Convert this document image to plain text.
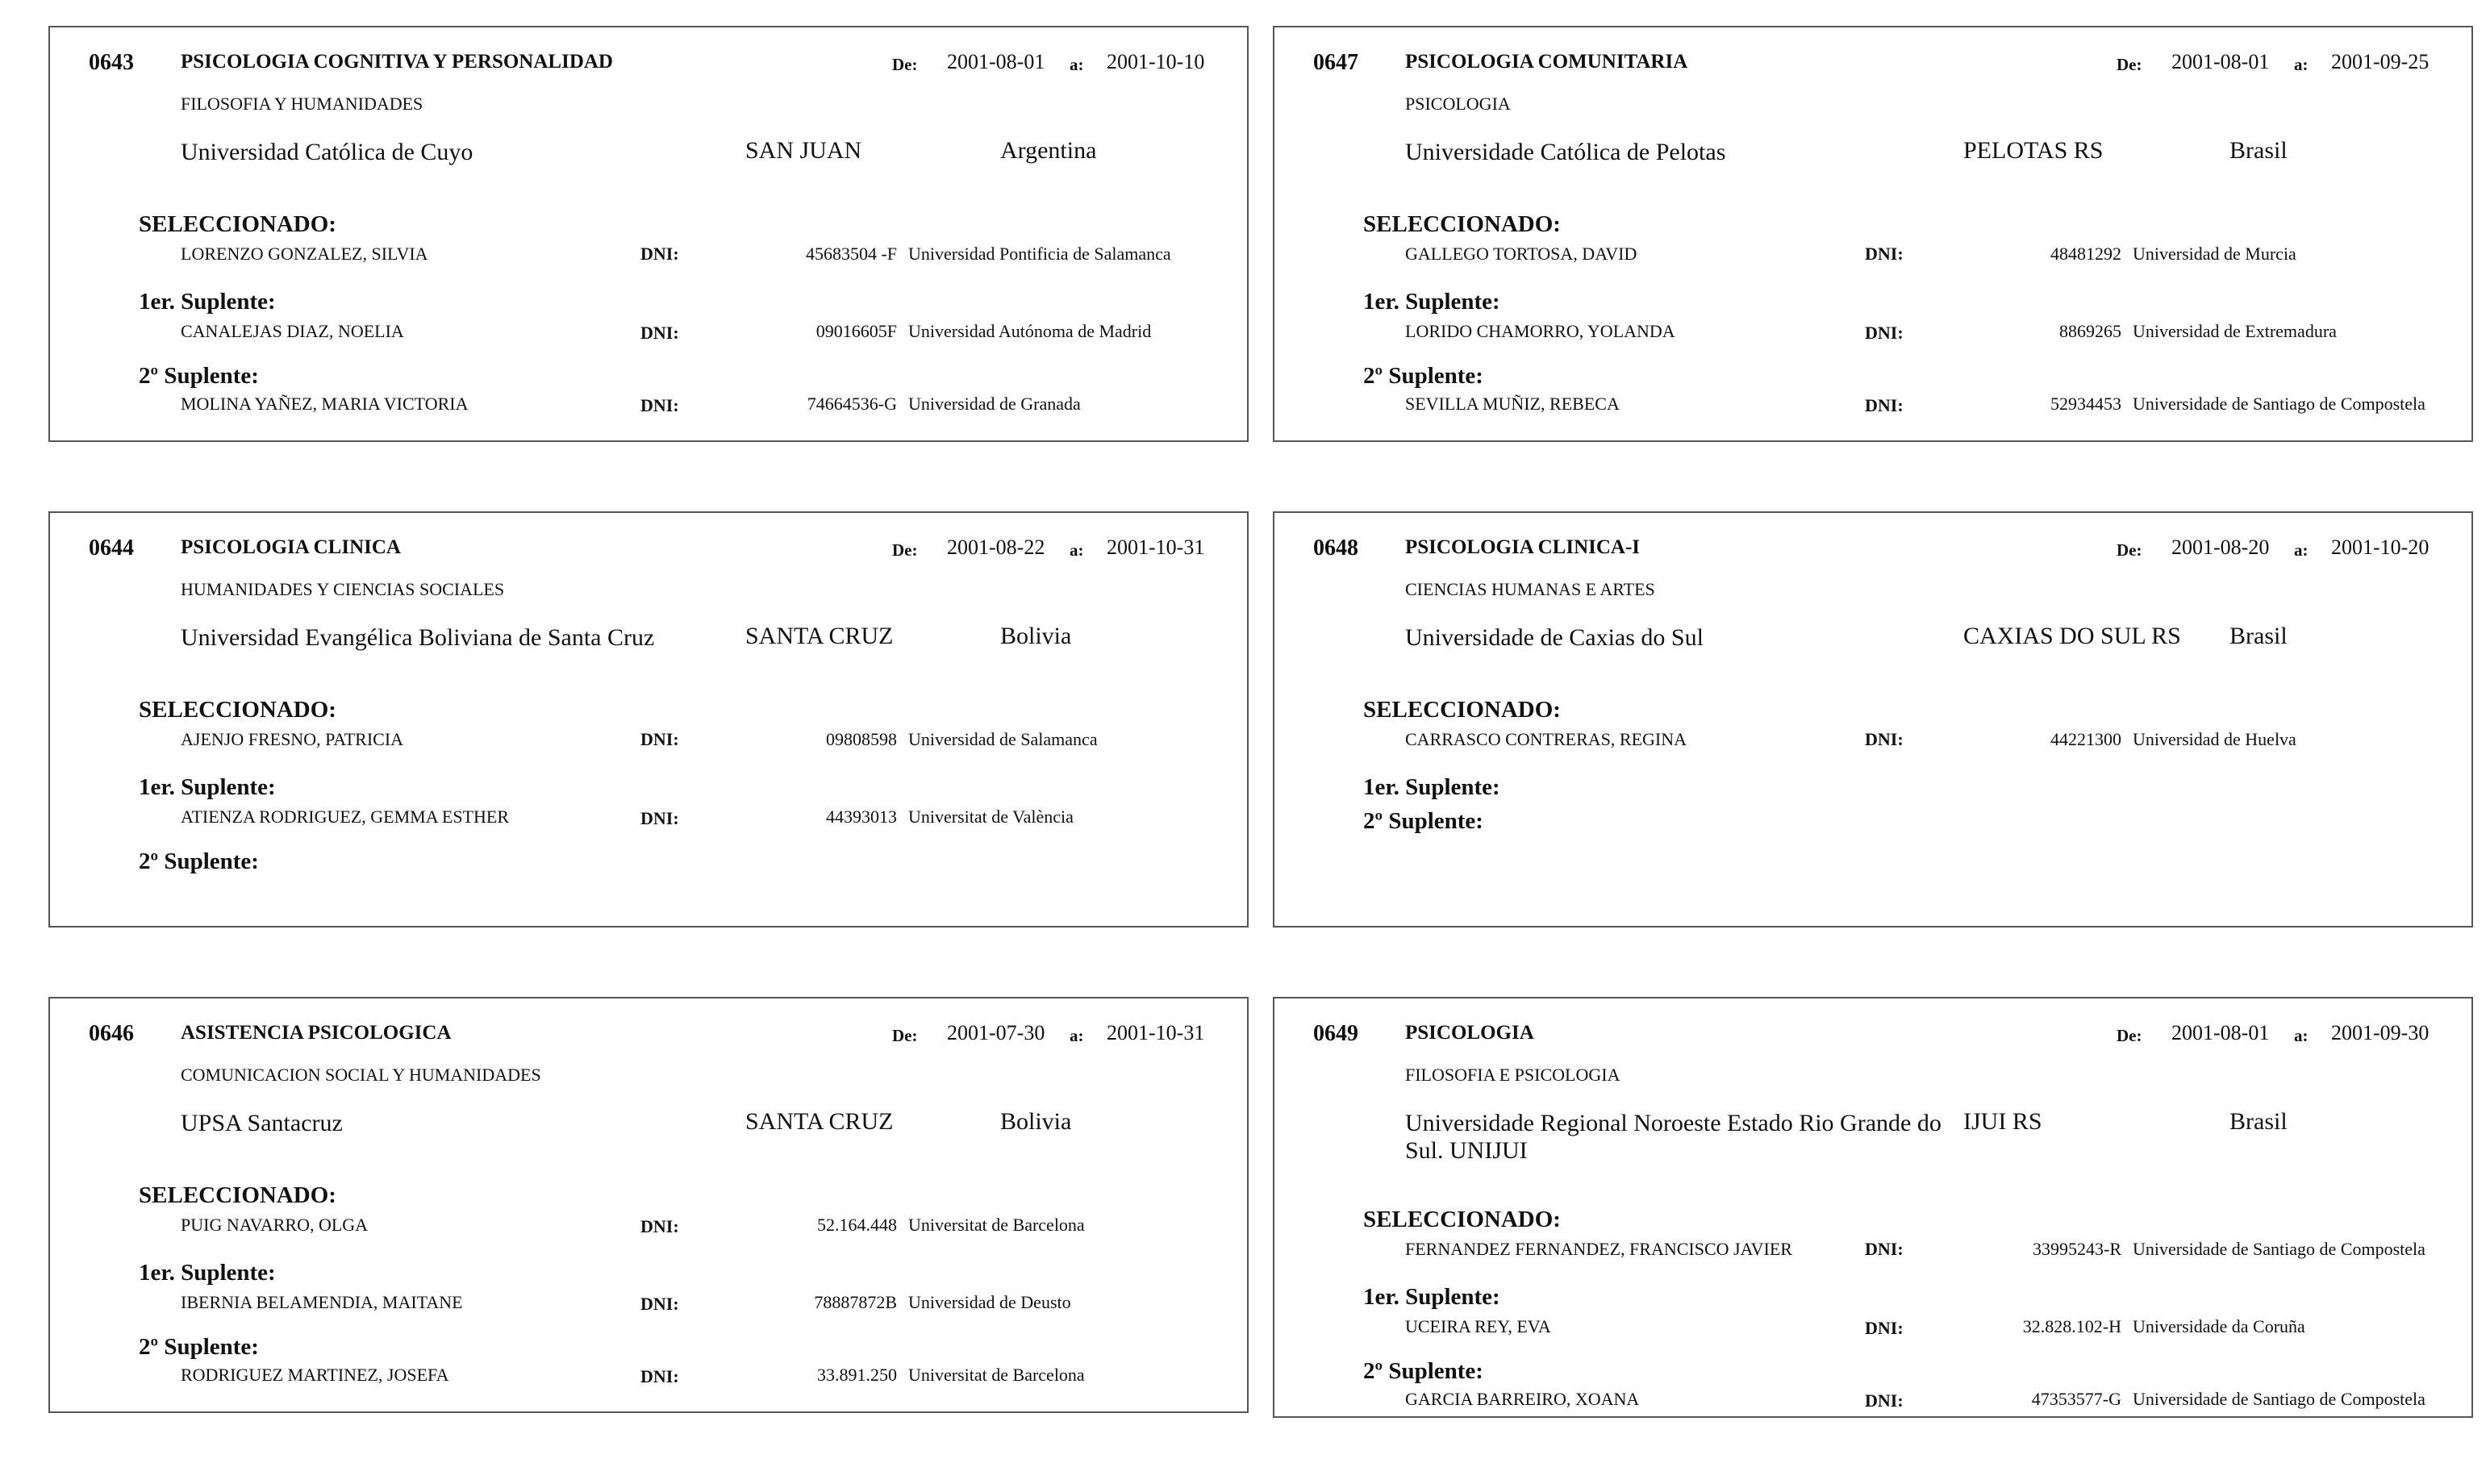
0643 PSICOLOGIA COGNITIVA Y PERSONALIDAD	De: 2001-08-01 a: 2001-10-10
FILOSOFIA Y HUMANIDADES
Universidad Católica de Cuyo	SAN JUAN	Argentina
SELECCIONADO:
LORENZO GONZALEZ, SILVIA	DNI:	45683504 -F Universidad Pontificia de Salamanca
1er. Suplente:
CANALEJAS DIAZ, NOELIA	DNI:	09016605F Universidad Autónoma de Madrid
2º Suplente:
MOLINA YAÑEZ, MARIA VICTORIA	DNI:	74664536-G Universidad de Granada
0647 PSICOLOGIA COMUNITARIA	De: 2001-08-01 a: 2001-09-25
PSICOLOGIA
Universidade Católica de Pelotas	PELOTAS RS	Brasil
SELECCIONADO:
GALLEGO TORTOSA, DAVID	DNI:	48481292 Universidad de Murcia
1er. Suplente:
LORIDO CHAMORRO, YOLANDA	DNI:	8869265 Universidad de Extremadura
2º Suplente:
SEVILLA MUÑIZ, REBECA	DNI:	52934453 Universidade de Santiago de Compostela
0644 PSICOLOGIA CLINICA	De: 2001-08-22 a: 2001-10-31
HUMANIDADES Y CIENCIAS SOCIALES
Universidad Evangélica Boliviana de Santa Cruz	SANTA CRUZ	Bolivia
SELECCIONADO:
AJENJO FRESNO, PATRICIA	DNI:	09808598 Universidad de Salamanca
1er. Suplente:
ATIENZA RODRIGUEZ, GEMMA ESTHER	DNI:	44393013 Universitat de València
2º Suplente:
0648 PSICOLOGIA CLINICA-I	De: 2001-08-20 a: 2001-10-20
CIENCIAS HUMANAS E ARTES
Universidade de Caxias do Sul	CAXIAS DO SUL RS Brasil
SELECCIONADO:
CARRASCO CONTRERAS, REGINA	DNI:	44221300 Universidad de Huelva
1er. Suplente:
2º Suplente:
0646 ASISTENCIA PSICOLOGICA	De: 2001-07-30 a: 2001-10-31
COMUNICACION SOCIAL Y HUMANIDADES
UPSA Santacruz	SANTA CRUZ	Bolivia
SELECCIONADO:
PUIG NAVARRO, OLGA	DNI:	52.164.448 Universitat de Barcelona
1er. Suplente:
IBERNIA BELAMENDIA, MAITANE	DNI:	78887872B Universidad de Deusto
2º Suplente:
RODRIGUEZ MARTINEZ, JOSEFA	DNI:	33.891.250 Universitat de Barcelona
0649 PSICOLOGIA	De: 2001-08-01 a: 2001-09-30
FILOSOFIA E PSICOLOGIA
Universidade Regional Noroeste Estado Rio Grande do Sul. UNIJUI
IJUI RS	Brasil
SELECCIONADO:
FERNANDEZ FERNANDEZ, FRANCISCO JAVIER	DNI:	33995243-R Universidade de Santiago de Compostela
1er. Suplente:
UCEIRA REY, EVA	DNI:	32.828.102-H Universidade da Coruña
2º Suplente:
GARCIA BARREIRO, XOANA	DNI:	47353577-G Universidade de Santiago de Compostela
